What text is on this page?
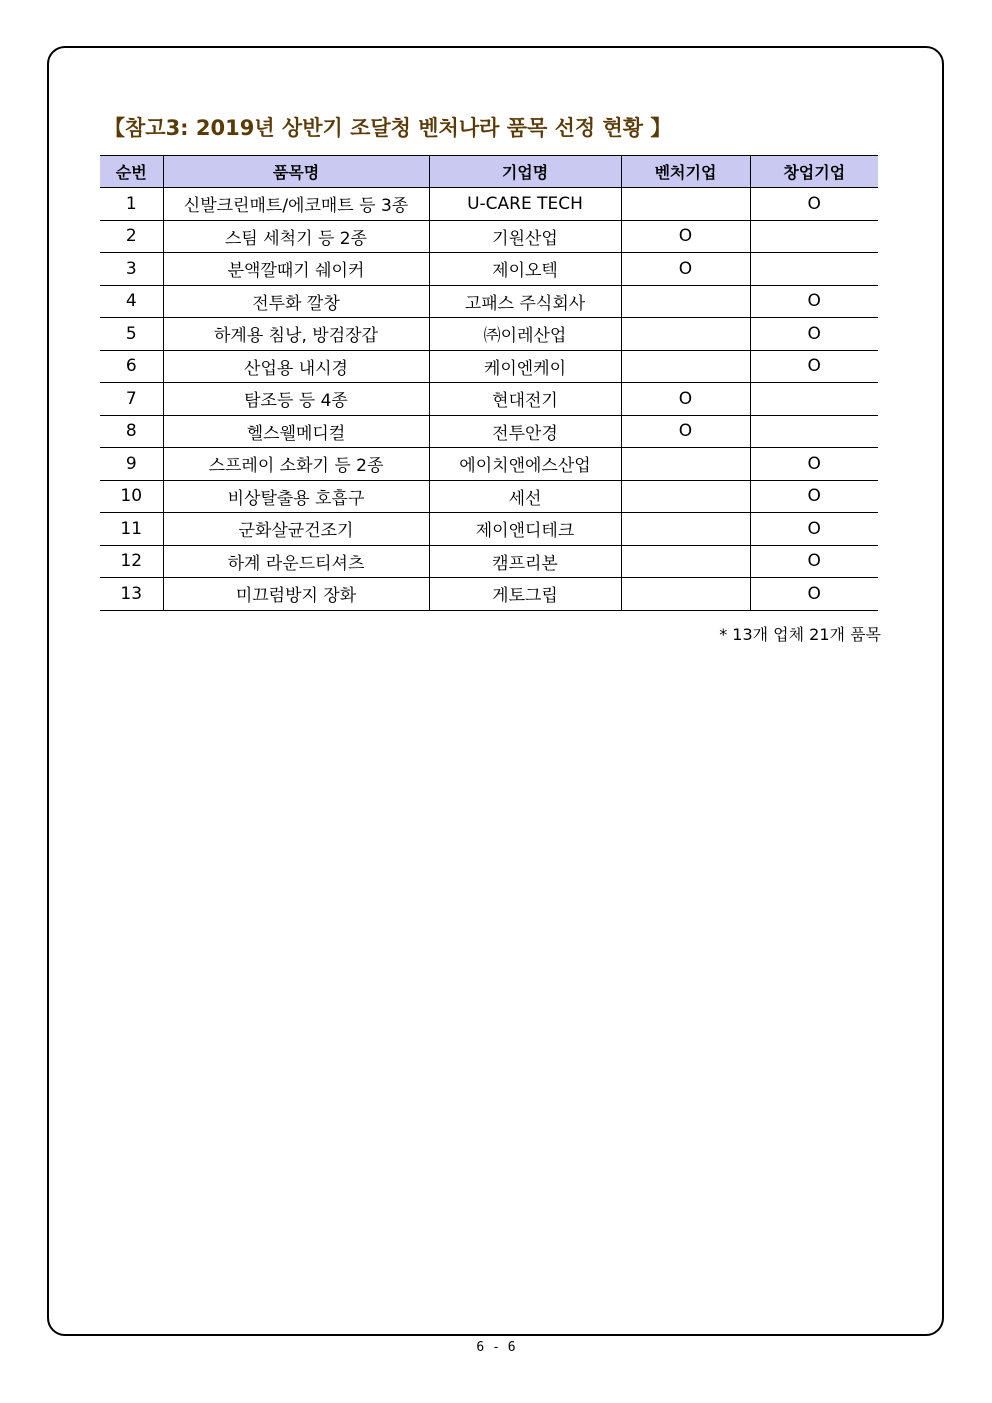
【참고3: 2019년 상반기 조달청 벤처나라 품목 선정 현황 】
순번	품목명	기업명	벤처기업	창업기업
1	신발크린매트/에코매트 등 3종	U-CARE TECH		O
2	스팀 세척기 등 2종	기원산업	O	
3	분액깔때기 쉐이커	제이오텍	O	
4	전투화 깔창	고패스 주식회사		O
5	하계용 침낭, 방검장갑	㈜이레산업		O
6	산업용 내시경	케이엔케이		O
7	탐조등 등 4종	현대전기	O	
8	헬스웰메디컬	전투안경	O	
9	스프레이 소화기 등 2종	에이치앤에스산업		O
10	비상탈출용 호흡구	세선		O
11	군화살균건조기	제이앤디테크		O
12	하계 라운드티셔츠	캠프리본		O
13	미끄럼방지 장화	게토그립		O
* 13개 업체 21개 품목
6 - 6
